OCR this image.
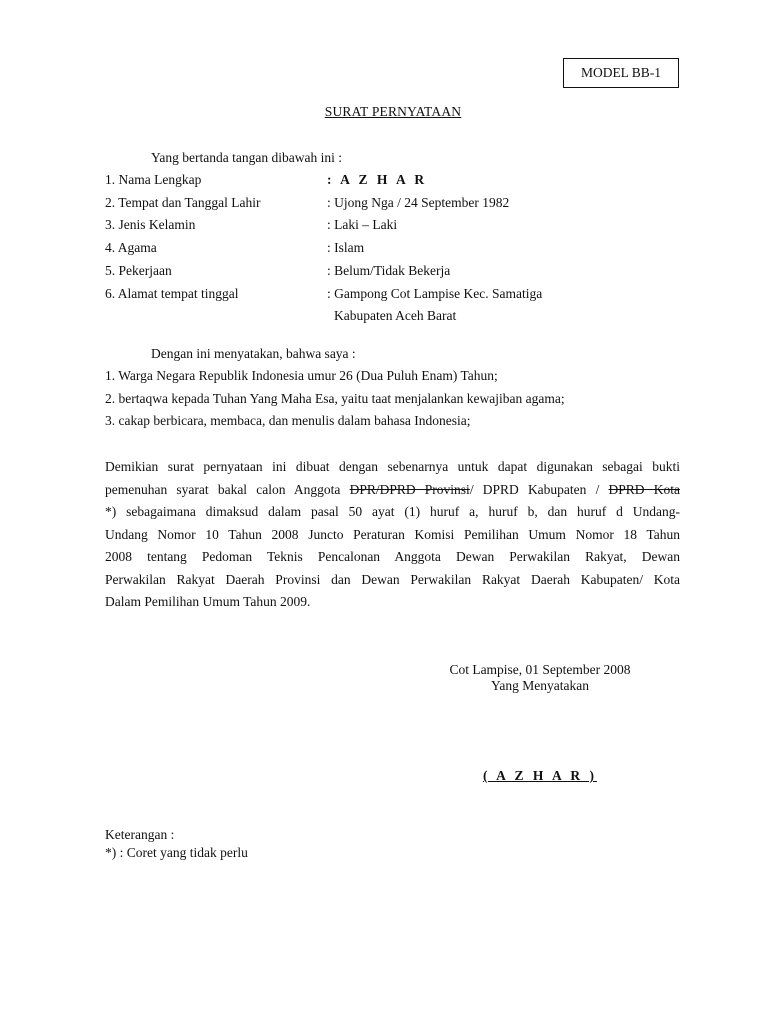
MODEL BB-1
SURAT PERNYATAAN
Yang bertanda tangan dibawah ini :
1. Nama Lengkap	: A Z H A R
2. Tempat dan Tanggal Lahir	: Ujong Nga / 24 September 1982
3. Jenis Kelamin	: Laki – Laki
4. Agama	: Islam
5. Pekerjaan	: Belum/Tidak Bekerja
6. Alamat tempat tinggal	: Gampong Cot Lampise Kec. Samatiga
Kabupaten Aceh Barat
Dengan ini menyatakan, bahwa saya :
1. Warga Negara Republik Indonesia umur 26 (Dua Puluh Enam) Tahun;
2. bertaqwa kepada Tuhan Yang Maha Esa, yaitu taat menjalankan kewajiban agama;
3. cakap berbicara, membaca, dan menulis dalam bahasa Indonesia;
Demikian surat pernyataan ini dibuat dengan sebenarnya untuk dapat digunakan sebagai bukti
pemenuhan syarat bakal calon Anggota DPR/DPRD Provinsi/ DPRD Kabupaten / DPRD Kota
*) sebagaimana dimaksud dalam pasal 50 ayat (1) huruf a, huruf b, dan huruf d Undang-
Undang Nomor 10 Tahun 2008 Juncto Peraturan Komisi Pemilihan Umum Nomor 18 Tahun
2008 tentang Pedoman Teknis Pencalonan Anggota Dewan Perwakilan Rakyat, Dewan
Perwakilan Rakyat Daerah Provinsi dan Dewan Perwakilan Rakyat Daerah Kabupaten/ Kota
Dalam Pemilihan Umum Tahun 2009.
Cot Lampise, 01 September 2008
Yang Menyatakan
( A Z H A R )
Keterangan :
*) : Coret yang tidak perlu
